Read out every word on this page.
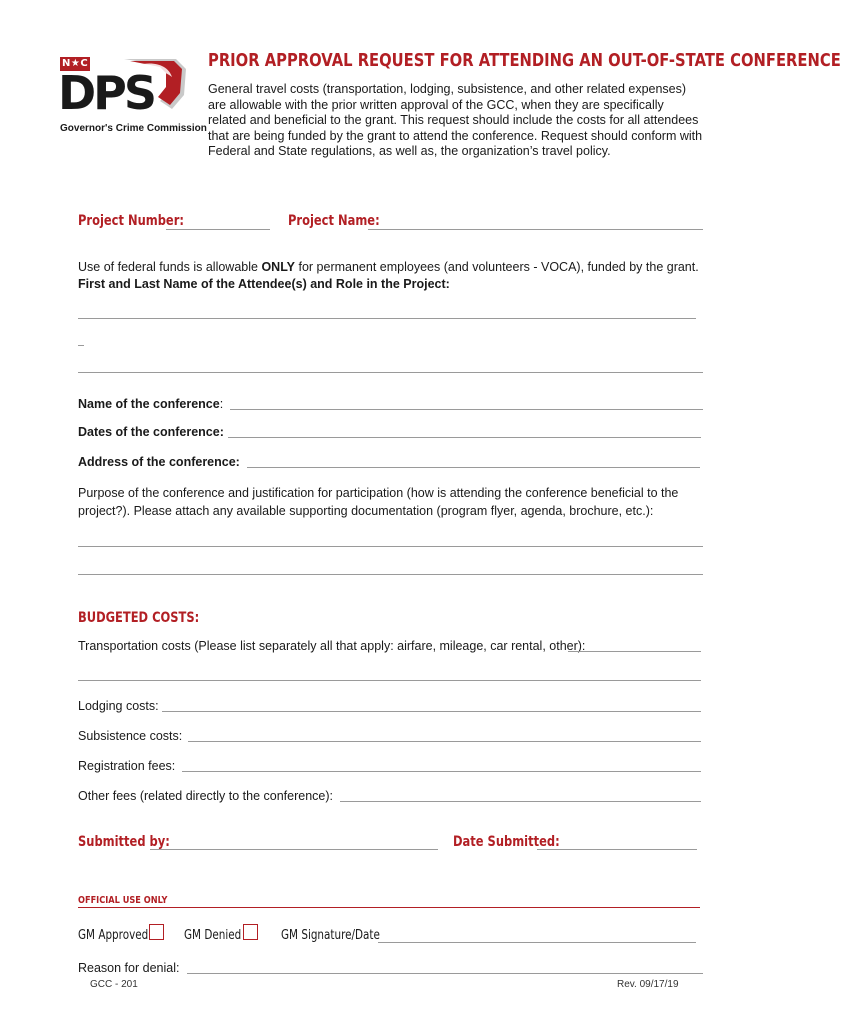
N★C
DPS
Governor's Crime Commission
PRIOR APPROVAL REQUEST FOR ATTENDING AN OUT-OF-STATE CONFERENCE
General travel costs (transportation, lodging, subsistence, and other related expenses)
are allowable with the prior written approval of the GCC, when they are specifically
related and beneficial to the grant. This request should include the costs for all attendees
that are being funded by the grant to attend the conference. Request should conform with
Federal and State regulations, as well as, the organization’s travel policy.
Project Number:	Project Name:
Use of federal funds is allowable ONLY for permanent employees (and volunteers - VOCA), funded by the grant.
First and Last Name of the Attendee(s) and Role in the Project:
Name of the conference:
Dates of the conference:
Address of the conference:
Purpose of the conference and justification for participation (how is attending the conference beneficial to the
project?). Please attach any available supporting documentation (program flyer, agenda, brochure, etc.):
BUDGETED COSTS:
Transportation costs (Please list separately all that apply: airfare, mileage, car rental, other):
Lodging costs:
Subsistence costs:
Registration fees:
Other fees (related directly to the conference):
Submitted by:	Date Submitted:
OFFICIAL USE ONLY
GM Approved	GM Denied	GM Signature/Date
Reason for denial:
GCC - 201	Rev. 09/17/19
